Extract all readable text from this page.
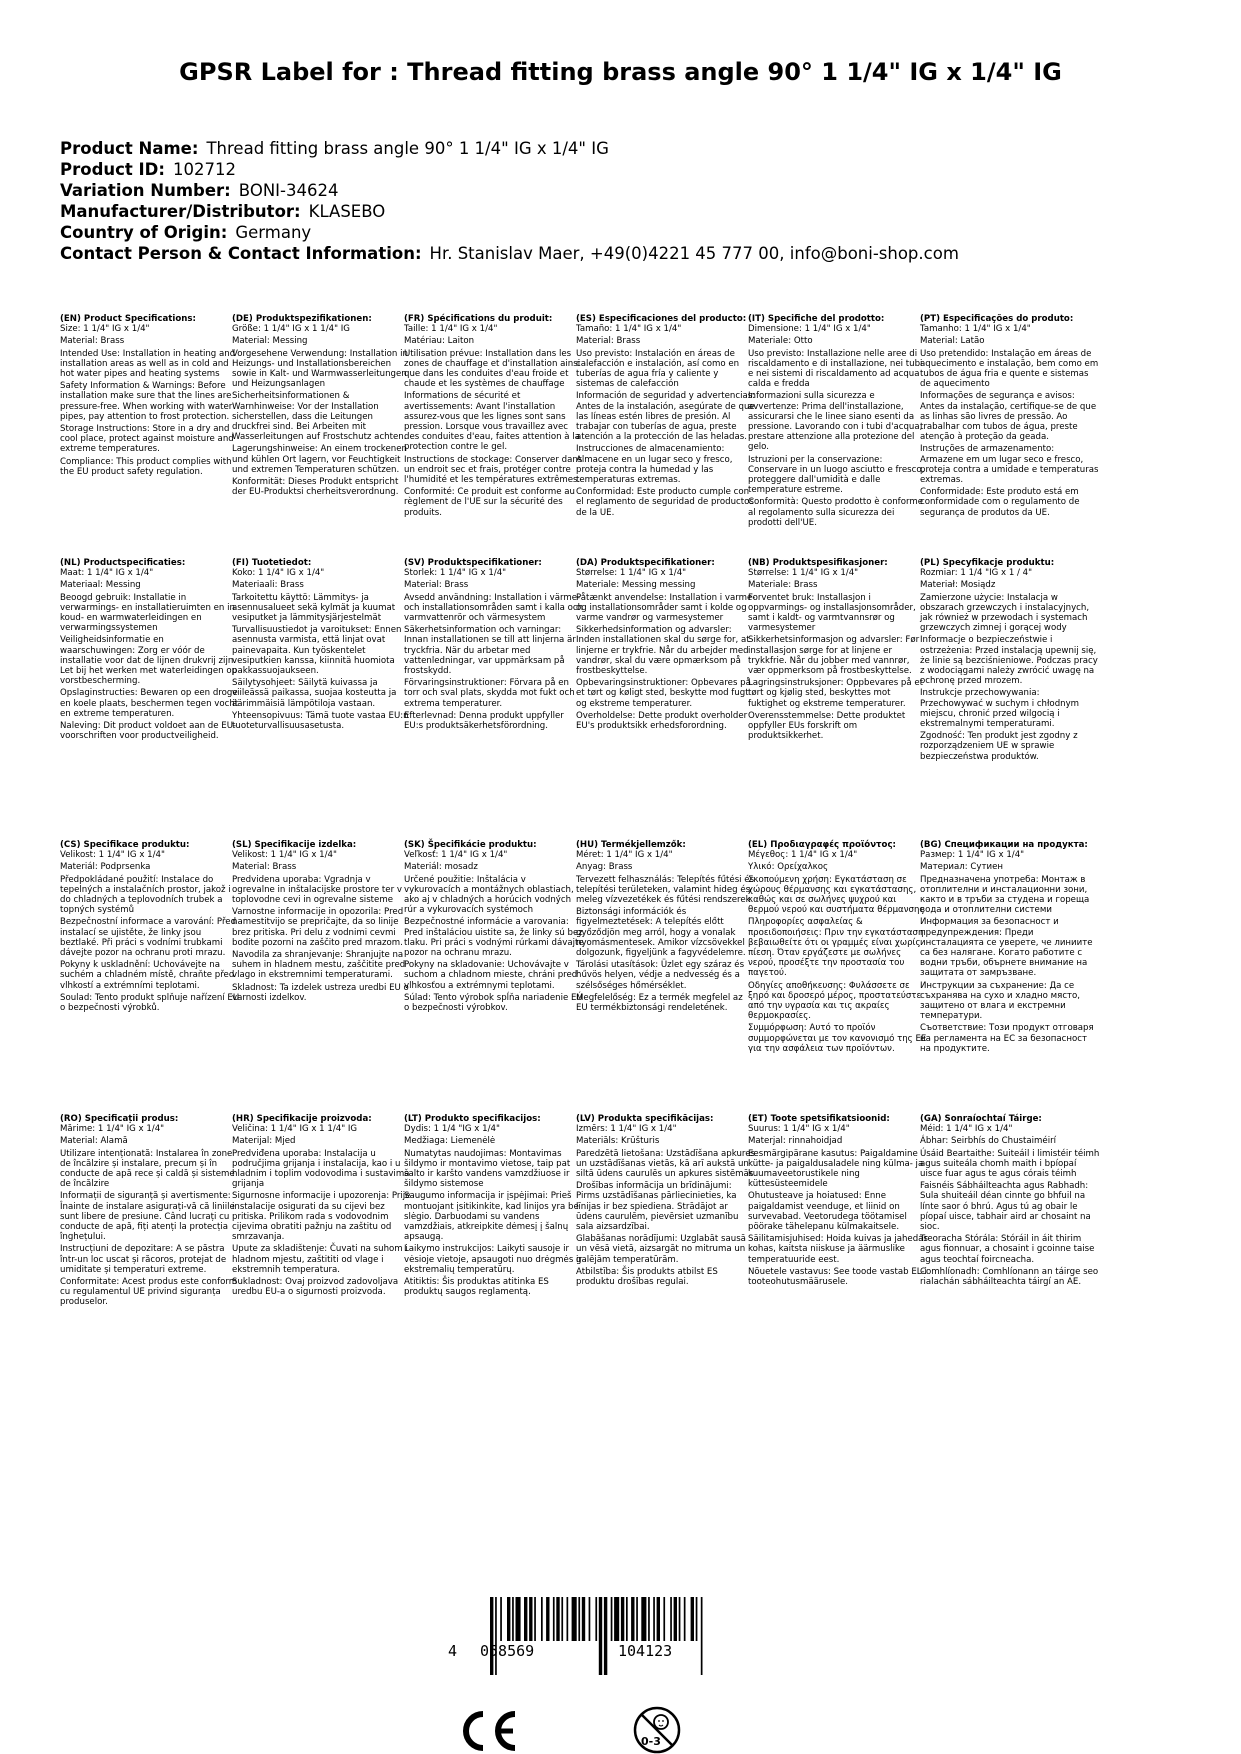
GPSR Label for : Thread fitting brass angle 90° 1 1/4" IG x 1/4" IG
Product Name: Thread fitting brass angle 90° 1 1/4" IG x 1/4" IG
Product ID: 102712
Variation Number: BONI-34624
Manufacturer/Distributor: KLASEBO
Country of Origin: Germany
Contact Person & Contact Information: Hr. Stanislav Maer, +49(0)4221 45 777 00, info@boni-shop.com
(EN) Product Specifications:
Size: 1 1/4" IG x 1/4"
Material: Brass
Intended Use: Installation in heating and installation areas as well as in cold and hot water pipes and heating systems
Safety Information & Warnings: Before installation make sure that the lines are pressure-free. When working with water pipes, pay attention to frost protection.
Storage Instructions: Store in a dry and cool place, protect against moisture and extreme temperatures.
Compliance: This product complies with the EU product safety regulation.
(DE) Produktspezifikationen:
Größe: 1 1/4" IG x 1 1/4" IG
Material: Messing
Vorgesehene Verwendung: Installation in Heizungs- und Installationsbereichen sowie in Kalt- und Warmwasserleitungen und Heizungsanlagen
Sicherheitsinformationen & Warnhinweise: Vor der Installation sicherstellen, dass die Leitungen druckfrei sind. Bei Arbeiten mit Wasserleitungen auf Frostschutz achten.
Lagerungshinweise: An einem trockenen und kühlen Ort lagern, vor Feuchtigkeit und extremen Temperaturen schützen.
Konformität: Dieses Produkt entspricht der EU-Produktsi cherheitsverordnung.
(FR) Spécifications du produit:
Taille: 1 1/4" IG x 1/4"
Matériau: Laiton
Utilisation prévue: Installation dans les zones de chauffage et d'installation ainsi que dans les conduites d'eau froide et chaude et les systèmes de chauffage
Informations de sécurité et avertissements: Avant l'installation assurez-vous que les lignes sont sans pression. Lorsque vous travaillez avec des conduites d'eau, faites attention à la protection contre le gel.
Instructions de stockage: Conserver dans un endroit sec et frais, protéger contre l'humidité et les températures extrêmes.
Conformité: Ce produit est conforme au règlement de l'UE sur la sécurité des produits.
(ES) Especificaciones del producto:
Tamaño: 1 1/4" IG x 1/4"
Material: Brass
Uso previsto: Instalación en áreas de calefacción e instalación, así como en tuberías de agua fría y caliente y sistemas de calefacción
Información de seguridad y advertencias: Antes de la instalación, asegúrate de que las líneas estén libres de presión. Al trabajar con tuberías de agua, preste atención a la protección de las heladas.
Instrucciones de almacenamiento: Almacene en un lugar seco y fresco, proteja contra la humedad y las temperaturas extremas.
Conformidad: Este producto cumple con el reglamento de seguridad de productos de la UE.
(IT) Specifiche del prodotto:
Dimensione: 1 1/4" IG x 1/4"
Materiale: Otto
Uso previsto: Installazione nelle aree di riscaldamento e di installazione, nei tubi e nei sistemi di riscaldamento ad acqua calda e fredda
Informazioni sulla sicurezza e avvertenze: Prima dell'installazione, assicurarsi che le linee siano esenti da pressione. Lavorando con i tubi d'acqua, prestare attenzione alla protezione del gelo.
Istruzioni per la conservazione: Conservare in un luogo asciutto e fresco, proteggere dall'umidità e dalle temperature estreme.
Conformità: Questo prodotto è conforme al regolamento sulla sicurezza dei prodotti dell'UE.
(PT) Especificações do produto:
Tamanho: 1 1/4" IG x 1/4"
Material: Latão
Uso pretendido: Instalação em áreas de aquecimento e instalação, bem como em tubos de água fria e quente e sistemas de aquecimento
Informações de segurança e avisos: Antes da instalação, certifique-se de que as linhas são livres de pressão. Ao trabalhar com tubos de água, preste atenção à proteção da geada.
Instruções de armazenamento: Armazene em um lugar seco e fresco, proteja contra a umidade e temperaturas extremas.
Conformidade: Este produto está em conformidade com o regulamento de segurança de produtos da UE.
(NL) Productspecificaties:
Maat: 1 1/4" IG x 1/4"
Materiaal: Messing
Beoogd gebruik: Installatie in verwarmings- en installatieruimten en in koud- en warmwaterleidingen en verwarmingssystemen
Veiligheidsinformatie en waarschuwingen: Zorg er vóór de installatie voor dat de lijnen drukvrij zijn. Let bij het werken met waterleidingen op vorstbescherming.
Opslaginstructies: Bewaren op een droge en koele plaats, beschermen tegen vocht en extreme temperaturen.
Naleving: Dit product voldoet aan de EU-voorschriften voor productveiligheid.
(FI) Tuotetiedot:
Koko: 1 1/4" IG x 1/4"
Materiaali: Brass
Tarkoitettu käyttö: Lämmitys- ja asennusalueet sekä kylmät ja kuumat vesiputket ja lämmitysjärjestelmät
Turvallisuustiedot ja varoitukset: Ennen asennusta varmista, että linjat ovat painevapaita. Kun työskentelet vesiputkien kanssa, kiinnitä huomiota pakkassuojaukseen.
Säilytysohjeet: Säilytä kuivassa ja viileässä paikassa, suojaa kosteutta ja äärimmäisiä lämpötiloja vastaan.
Yhteensopivuus: Tämä tuote vastaa EU:n tuoteturvallisuusasetusta.
(SV) Produktspecifikationer:
Storlek: 1 1/4" IG x 1/4"
Material: Brass
Avsedd användning: Installation i värme- och installationsområden samt i kalla och varmvattenrör och värmesystem
Säkerhetsinformation och varningar: Innan installationen se till att linjerna är tryckfria. När du arbetar med vattenledningar, var uppmärksam på frostskydd.
Förvaringsinstruktioner: Förvara på en torr och sval plats, skydda mot fukt och extrema temperaturer.
Efterlevnad: Denna produkt uppfyller EU:s produktsäkerhetsförordning.
(DA) Produktspecifikationer:
Størrelse: 1 1/4" IG x 1/4"
Materiale: Messing messing
Påtænkt anvendelse: Installation i varme- og installationsområder samt i kolde og varme vandrør og varmesystemer
Sikkerhedsinformation og advarsler: Inden installationen skal du sørge for, at linjerne er trykfrie. Når du arbejder med vandrør, skal du være opmærksom på frostbeskyttelse.
Opbevaringsinstruktioner: Opbevares på et tørt og køligt sted, beskytte mod fugt og ekstreme temperaturer.
Overholdelse: Dette produkt overholder EU's produktsikk erhedsforordning.
(NB) Produktspesifikasjoner:
Størrelse: 1 1/4" IG x 1/4"
Materiale: Brass
Forventet bruk: Installasjon i oppvarmings- og installasjonsområder, samt i kaldt- og varmtvannsrør og varmesystemer
Sikkerhetsinformasjon og advarsler: Før installasjon sørge for at linjene er trykkfrie. Når du jobber med vannrør, vær oppmerksom på frostbeskyttelse.
Lagringsinstruksjoner: Oppbevares på et tørt og kjølig sted, beskyttes mot fuktighet og ekstreme temperaturer.
Overensstemmelse: Dette produktet oppfyller EUs forskrift om produktsikkerhet.
(PL) Specyfikacje produktu:
Rozmiar: 1 1/4 "IG x 1 / 4"
Materiał: Mosiądz
Zamierzone użycie: Instalacja w obszarach grzewczych i instalacyjnych, jak również w przewodach i systemach grzewczych zimnej i gorącej wody
Informacje o bezpieczeństwie i ostrzeżenia: Przed instalacją upewnij się, że linie są bezciśnieniowe. Podczas pracy z wodociągami należy zwrócić uwagę na ochronę przed mrozem.
Instrukcje przechowywania: Przechowywać w suchym i chłodnym miejscu, chronić przed wilgocią i ekstremalnymi temperaturami.
Zgodność: Ten produkt jest zgodny z rozporządzeniem UE w sprawie bezpieczeństwa produktów.
(CS) Specifikace produktu:
Velikost: 1 1/4" IG x 1/4"
Materiál: Podprsenka
Předpokládané použití: Instalace do tepelných a instalačních prostor, jakož i do chladných a teplovodních trubek a topných systémů
Bezpečnostní informace a varování: Před instalací se ujistěte, že linky jsou beztlaké. Při práci s vodními trubkami dávejte pozor na ochranu proti mrazu.
Pokyny k uskladnění: Uchovávejte na suchém a chladném místě, chraňte před vlhkostí a extrémními teplotami.
Soulad: Tento produkt splňuje nařízení EU o bezpečnosti výrobků.
(SL) Specifikacije izdelka:
Velikost: 1 1/4" IG x 1/4"
Material: Brass
Predvidena uporaba: Vgradnja v ogrevalne in inštalacijske prostore ter v toplovodne cevi in ogrevalne sisteme
Varnostne informacije in opozorila: Pred namestitvijo se prepričajte, da so linije brez pritiska. Pri delu z vodnimi cevmi bodite pozorni na zaščito pred mrazom.
Navodila za shranjevanje: Shranjujte na suhem in hladnem mestu, zaščitite pred vlago in ekstremnimi temperaturami.
Skladnost: Ta izdelek ustreza uredbi EU o varnosti izdelkov.
(SK) Špecifikácie produktu:
Veľkosť: 1 1/4" IG x 1/4"
Materiál: mosadz
Určené použitie: Inštalácia v vykurovacích a montážnych oblastiach, ako aj v chladných a horúcich vodných rúr a vykurovacích systémoch
Bezpečnostné informácie a varovania: Pred inštaláciou uistite sa, že linky sú bez tlaku. Pri práci s vodnými rúrkami dávajte pozor na ochranu mrazu.
Pokyny na skladovanie: Uchovávajte v suchom a chladnom mieste, chráni pred vlhkosťou a extrémnymi teplotami.
Súlad: Tento výrobok spĺňa nariadenie EÚ o bezpečnosti výrobkov.
(HU) Termékjellemzők:
Méret: 1 1/4" IG x 1/4"
Anyag: Brass
Tervezett felhasználás: Telepítés fűtési és telepítési területeken, valamint hideg és meleg vízvezetékek és fűtési rendszerek
Biztonsági információk és figyelmeztetések: A telepítés előtt győződjön meg arról, hogy a vonalak nyomásmentesek. Amikor vízcsövekkel dolgozunk, figyeljünk a fagyvédelemre.
Tárolási utasítások: Üzlet egy száraz és hűvös helyen, védje a nedvesség és a szélsőséges hőmérséklet.
Megfelelőség: Ez a termék megfelel az EU termékbiztonsági rendeletének.
(EL) Προδιαγραφές προϊόντος:
Μέγεθος: 1 1/4" IG x 1/4"
Υλικό: Ορείχαλκος
Σκοπούμενη χρήση: Εγκατάσταση σε χώρους θέρμανσης και εγκατάστασης, καθώς και σε σωλήνες ψυχρού και θερμού νερού και συστήματα θέρμανσης
Πληροφορίες ασφαλείας & προειδοποιήσεις: Πριν την εγκατάσταση βεβαιωθείτε ότι οι γραμμές είναι χωρίς πίεση. Όταν εργάζεστε με σωλήνες νερού, προσέξτε την προστασία του παγετού.
Οδηγίες αποθήκευσης: Φυλάσσετε σε ξηρό και δροσερό μέρος, προστατεύστε από την υγρασία και τις ακραίες θερμοκρασίες.
Συμμόρφωση: Αυτό το προϊόν συμμορφώνεται με τον κανονισμό της ΕΕ για την ασφάλεια των προϊόντων.
(BG) Спецификации на продукта:
Размер: 1 1/4" IG x 1/4"
Материал: Сутиен
Предназначена употреба: Монтаж в отоплителни и инсталационни зони, както и в тръби за студена и гореща вода и отоплителни системи
Информация за безопасност и предупреждения: Преди инсталацията се уверете, че линиите са без налягане. Когато работите с водни тръби, обърнете внимание на защитата от замръзване.
Инструкции за съхранение: Да се съхранява на сухо и хладно място, защитено от влага и екстремни температури.
Съответствие: Този продукт отговаря на регламента на ЕС за безопасност на продуктите.
(RO) Specificații produs:
Mărime: 1 1/4" IG x 1/4"
Material: Alamă
Utilizare intenționată: Instalarea în zone de încălzire și instalare, precum și în conducte de apă rece și caldă și sisteme de încălzire
Informații de siguranță și avertismente: Înainte de instalare asigurați-vă că liniile sunt libere de presiune. Când lucrați cu conducte de apă, fiți atenți la protecția înghețului.
Instrucțiuni de depozitare: A se păstra într-un loc uscat și răcoros, protejat de umiditate și temperaturi extreme.
Conformitate: Acest produs este conform cu regulamentul UE privind siguranța produselor.
(HR) Specifikacije proizvoda:
Veličina: 1 1/4" IG x 1 1/4" IG
Materijal: Mjed
Predviđena uporaba: Instalacija u područjima grijanja i instalacija, kao i u hladnim i toplim vodovodima i sustavima grijanja
Sigurnosne informacije i upozorenja: Prije instalacije osigurati da su cijevi bez pritiska. Prilikom rada s vodovodnim cijevima obratiti pažnju na zaštitu od smrzavanja.
Upute za skladištenje: Čuvati na suhom i hladnom mjestu, zaštititi od vlage i ekstremnih temperatura.
Sukladnost: Ovaj proizvod zadovoljava uredbu EU-a o sigurnosti proizvoda.
(LT) Produkto specifikacijos:
Dydis: 1 1/4 "IG x 1/4"
Medžiaga: Liemenėlė
Numatytas naudojimas: Montavimas šildymo ir montavimo vietose, taip pat šalto ir karšto vandens vamzdžiuose ir šildymo sistemose
Saugumo informacija ir įspėjimai: Prieš montuojant įsitikinkite, kad linijos yra be slėgio. Darbuodami su vandens vamzdžiais, atkreipkite dėmesį į šalnų apsaugą.
Laikymo instrukcijos: Laikyti sausoje ir vėsioje vietoje, apsaugoti nuo drėgmės ir ekstremalių temperatūrų.
Atitiktis: Šis produktas atitinka ES produktų saugos reglamentą.
(LV) Produkta specifikācijas:
Izmērs: 1 1/4" IG x 1/4"
Materiāls: Krūšturis
Paredzētā lietošana: Uzstādīšana apkures un uzstādīšanas vietās, kā arī aukstā un siltā ūdens caurulēs un apkures sistēmās
Drošības informācija un brīdinājumi: Pirms uzstādīšanas pārliecinieties, ka līnijas ir bez spiediena. Strādājot ar ūdens caurulēm, pievērsiet uzmanību sala aizsardzībai.
Glabāšanas norādījumi: Uzglabāt sausā un vēsā vietā, aizsargāt no mitruma un galējām temperatūrām.
Atbilstība: Šis produkts atbilst ES produktu drošības regulai.
(ET) Toote spetsifikatsioonid:
Suurus: 1 1/4" IG x 1/4"
Materjal: rinnahoidjad
Eesmärgipärane kasutus: Paigaldamine kütte- ja paigaldusaladele ning külma- ja kuumaveetorustikele ning küttesüsteemidele
Ohutusteave ja hoiatused: Enne paigaldamist veenduge, et liinid on survevabad. Veetorudega töötamisel pöörake tähelepanu külmakaitsele.
Säilitamisjuhised: Hoida kuivas ja jahedas kohas, kaitsta niiskuse ja äärmuslike temperatuuride eest.
Nõuetele vastavus: See toode vastab EL-i tooteohutusmäärusele.
(GA) Sonraíochtaí Táirge:
Méid: 1 1/4" IG x 1/4"
Ábhar: Seirbhís do Chustaiméirí
Úsáid Beartaithe: Suiteáil i limistéir téimh agus suiteála chomh maith i bpíopaí uisce fuar agus te agus córais téimh
Faisnéis Sábháilteachta agus Rabhadh: Sula shuiteáil déan cinnte go bhfuil na línte saor ó bhrú. Agus tú ag obair le píopaí uisce, tabhair aird ar chosaint na sioc.
Treoracha Stórála: Stóráil in áit thirim agus fionnuar, a chosaint i gcoinne taise agus teochtaí foircneacha.
Comhlíonadh: Comhlíonann an táirge seo rialachán sábháilteachta táirgí an AE.
4 058569	104123
0-3
